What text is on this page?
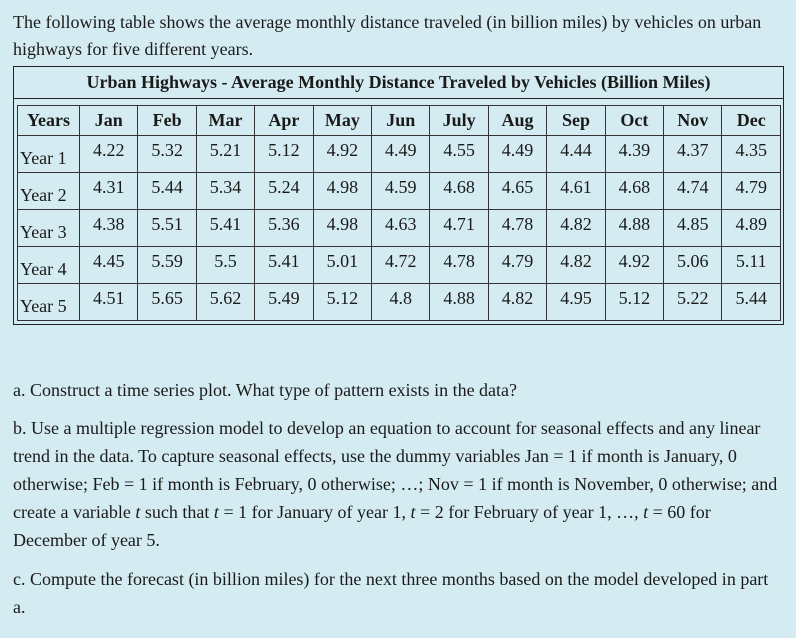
The following table shows the average monthly distance traveled (in billion miles) by vehicles on urban highways for five different years.
Urban Highways - Average Monthly Distance Traveled by Vehicles (Billion Miles)
Years	Jan	Feb	Mar	Apr	May	Jun	July	Aug	Sep	Oct	Nov	Dec
Year 1	4.22	5.32	5.21	5.12	4.92	4.49	4.55	4.49	4.44	4.39	4.37	4.35
Year 2	4.31	5.44	5.34	5.24	4.98	4.59	4.68	4.65	4.61	4.68	4.74	4.79
Year 3	4.38	5.51	5.41	5.36	4.98	4.63	4.71	4.78	4.82	4.88	4.85	4.89
Year 4	4.45	5.59	5.5	5.41	5.01	4.72	4.78	4.79	4.82	4.92	5.06	5.11
Year 5	4.51	5.65	5.62	5.49	5.12	4.8	4.88	4.82	4.95	5.12	5.22	5.44
a. Construct a time series plot. What type of pattern exists in the data?
b. Use a multiple regression model to develop an equation to account for seasonal effects and any linear trend in the data. To capture seasonal effects, use the dummy variables Jan = 1 if month is January, 0 otherwise; Feb = 1 if month is February, 0 otherwise; …; Nov = 1 if month is November, 0 otherwise; and create a variable t such that t = 1 for January of year 1, t = 2 for February of year 1, …, t = 60 for December of year 5.
c. Compute the forecast (in billion miles) for the next three months based on the model developed in part a.
